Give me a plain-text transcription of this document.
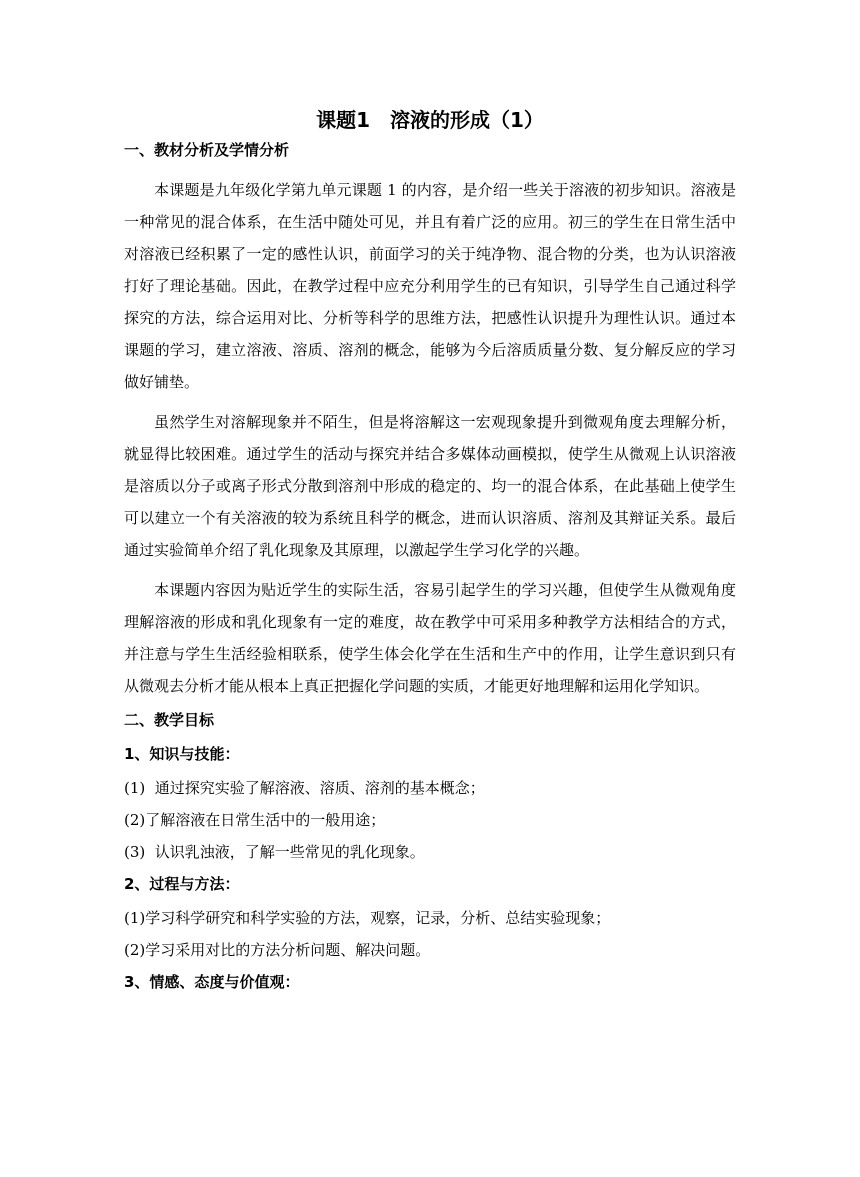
课题1　溶液的形成（1）
一、教材分析及学情分析

本课题是九年级化学第九单元课题 1 的内容，是介绍一些关于溶液的初步知识。溶液是一种常见的混合体系，在生活中随处可见，并且有着广泛的应用。初三的学生在日常生活中对溶液已经积累了一定的感性认识，前面学习的关于纯净物、混合物的分类，也为认识溶液打好了理论基础。因此，在教学过程中应充分利用学生的已有知识，引导学生自己通过科学探究的方法，综合运用对比、分析等科学的思维方法，把感性认识提升为理性认识。通过本课题的学习，建立溶液、溶质、溶剂的概念，能够为今后溶质质量分数、复分解反应的学习做好铺垫。

虽然学生对溶解现象并不陌生，但是将溶解这一宏观现象提升到微观角度去理解分析，就显得比较困难。通过学生的活动与探究并结合多媒体动画模拟，使学生从微观上认识溶液是溶质以分子或离子形式分散到溶剂中形成的稳定的、均一的混合体系，在此基础上使学生可以建立一个有关溶液的较为系统且科学的概念，进而认识溶质、溶剂及其辩证关系。最后通过实验简单介绍了乳化现象及其原理，以激起学生学习化学的兴趣。

本课题内容因为贴近学生的实际生活，容易引起学生的学习兴趣，但使学生从微观角度理解溶液的形成和乳化现象有一定的难度，故在教学中可采用多种教学方法相结合的方式，并注意与学生生活经验相联系，使学生体会化学在生活和生产中的作用，让学生意识到只有从微观去分析才能从根本上真正把握化学问题的实质，才能更好地理解和运用化学知识。

二、教学目标
1、知识与技能：
(1)  通过探究实验了解溶液、溶质、溶剂的基本概念；
(2)了解溶液在日常生活中的一般用途；
(3)  认识乳浊液，了解一些常见的乳化现象。
2、过程与方法：
(1)学习科学研究和科学实验的方法，观察，记录，分析、总结实验现象；
(2)学习采用对比的方法分析问题、解决问题。
3、情感、态度与价值观：
